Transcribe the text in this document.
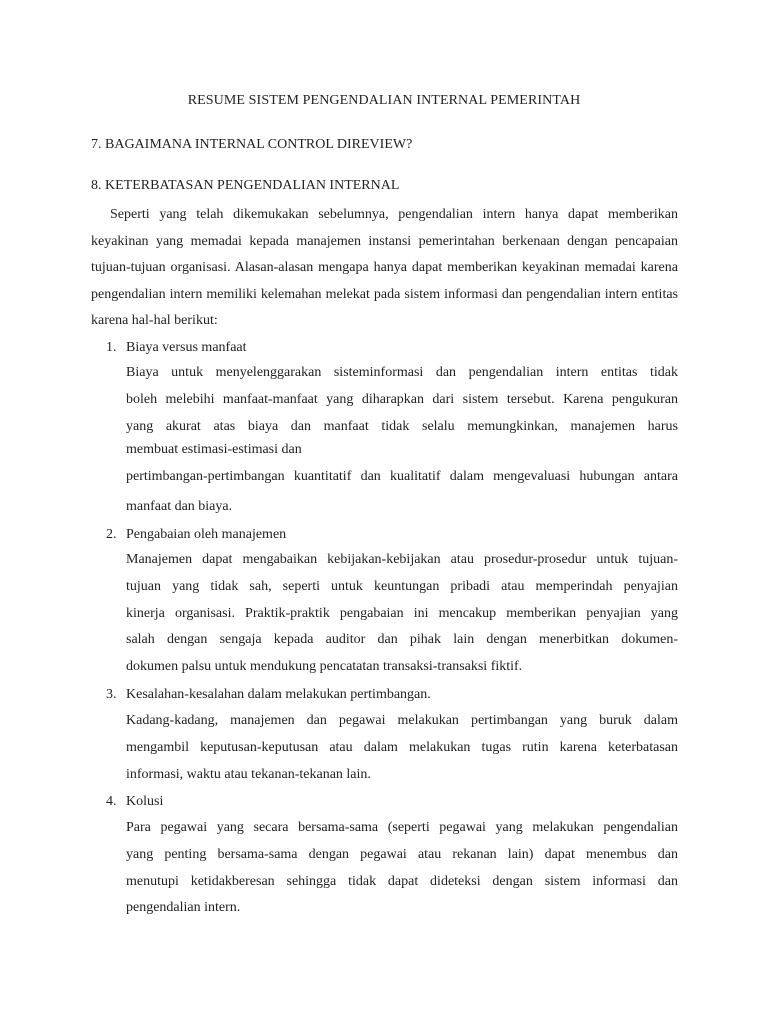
RESUME SISTEM PENGENDALIAN INTERNAL PEMERINTAH
7. BAGAIMANA INTERNAL CONTROL DIREVIEW?
8. KETERBATASAN PENGENDALIAN INTERNAL
Seperti yang telah dikemukakan sebelumnya, pengendalian intern hanya dapat memberikan keyakinan yang memadai kepada manajemen instansi pemerintahan berkenaan dengan pencapaian tujuan-tujuan organisasi. Alasan-alasan mengapa hanya dapat memberikan keyakinan memadai karena pengendalian intern memiliki kelemahan melekat pada sistem informasi dan pengendalian intern entitas karena hal-hal berikut:
1. Biaya versus manfaat
Biaya untuk menyelenggarakan sisteminformasi dan pengendalian intern entitas tidak
boleh melebihi manfaat-manfaat yang diharapkan dari sistem tersebut. Karena pengukuran
yang akurat atas biaya dan manfaat tidak selalu memungkinkan, manajemen harus
membuat estimasi-estimasi dan
pertimbangan-pertimbangan kuantitatif dan kualitatif dalam mengevaluasi hubungan antara
manfaat dan biaya.
2. Pengabaian oleh manajemen
Manajemen dapat mengabaikan kebijakan-kebijakan atau prosedur-prosedur untuk tujuan-
tujuan yang tidak sah, seperti untuk keuntungan pribadi atau memperindah penyajian
kinerja organisasi. Praktik-praktik pengabaian ini mencakup memberikan penyajian yang
salah dengan sengaja kepada auditor dan pihak lain dengan menerbitkan dokumen-
dokumen palsu untuk mendukung pencatatan transaksi-transaksi fiktif.
3. Kesalahan-kesalahan dalam melakukan pertimbangan.
Kadang-kadang, manajemen dan pegawai melakukan pertimbangan yang buruk dalam
mengambil keputusan-keputusan atau dalam melakukan tugas rutin karena keterbatasan
informasi, waktu atau tekanan-tekanan lain.
4. Kolusi
Para pegawai yang secara bersama-sama (seperti pegawai yang melakukan pengendalian
yang penting bersama-sama dengan pegawai atau rekanan lain) dapat menembus dan
menutupi ketidakberesan sehingga tidak dapat dideteksi dengan sistem informasi dan
pengendalian intern.
